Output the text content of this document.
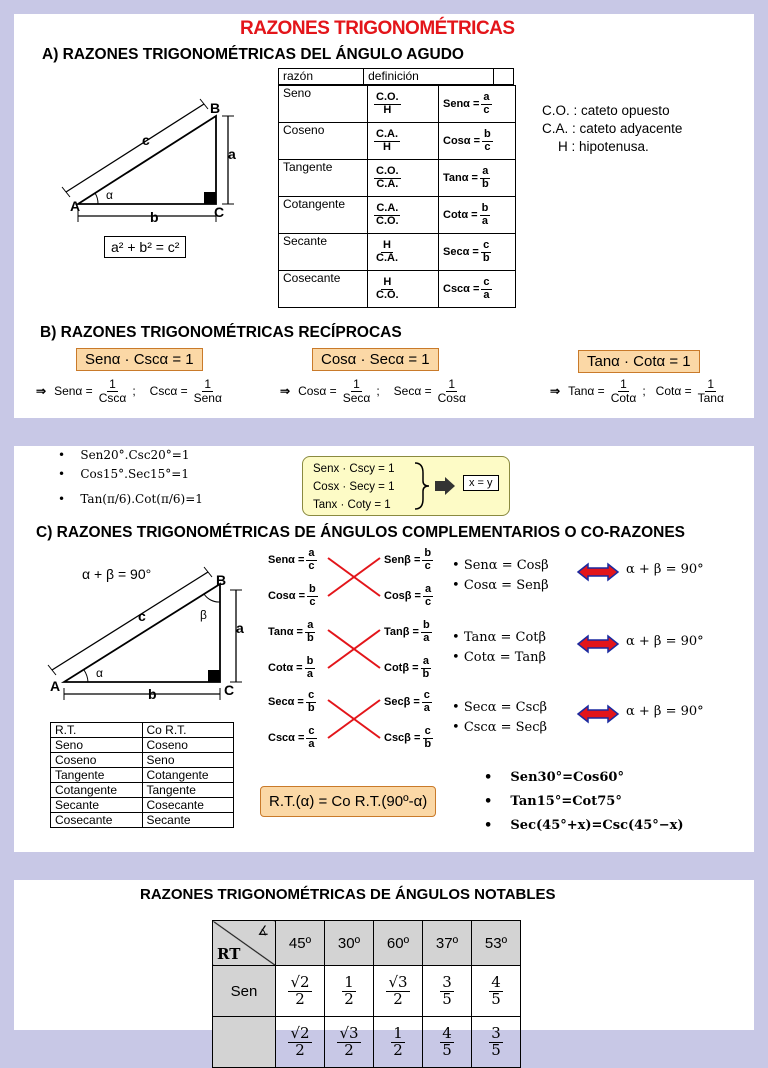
RAZONES TRIGONOMÉTRICAS
A) RAZONES TRIGONOMÉTRICAS DEL ÁNGULO AGUDO
A
B
C
c
a
b
α
a² + b² = c²
razón	definición	
Seno	$\frac{C.O.}{H}$	$Sen\alpha = \frac{a}{c}$

Coseno	$\frac{C.A.}{H}$	$Cos\alpha = \frac{b}{c}$

Tangente	$\frac{C.O.}{C.A.}$	$Tan\alpha = \frac{a}{b}$

Cotangente	$\frac{C.A.}{C.O.}$	$Cot\alpha = \frac{b}{a}$

Secante	$\frac{H}{C.A.}$	$Sec\alpha = \frac{c}{b}$

Cosecante	$\frac{H}{C.O.}$	$Csc\alpha = \frac{c}{a}$
C.O. : cateto opuesto
C.A. : cateto adyacente
H : hipotenusa.
B) RAZONES TRIGONOMÉTRICAS RECÍPROCAS
Senα · Cscα = 1	Cosα · Secα = 1	Tanα · Cotα = 1
⇒ $Sen\alpha = \frac{1}{\text{Cscα}}$ ; $Csc\alpha = \frac{1}{\text{Senα}}$	⇒ $Cos\alpha = \frac{1}{\text{Secα}}$ ; $Sec\alpha = \frac{1}{\text{Cosα}}$	⇒ $Tan\alpha = \frac{1}{\text{Cotα}}$ ; $Cot\alpha = \frac{1}{\text{Tanα}}$
•    Sen20°.Csc20°=1
•    Cos15°.Sec15°=1
•    Tan(π/6).Cot(π/6)=1
Senx · Cscy = 1
Cosx · Secy = 1
Tanx · Coty = 1
x = y
C) RAZONES TRIGONOMÉTRICAS DE ÁNGULOS COMPLEMENTARIOS O CO-RAZONES
α + β = 90°
A
B
C
c
a
b
α
β
$Sen\alpha = \frac{a}{c}$	$Sen\beta = \frac{b}{c}$
$Cos\alpha = \frac{b}{c}$	$Cos\beta = \frac{a}{c}$
• Senα = Cosβ
• Cosα = Senβ
α + β = 90°
$Tan\alpha = \frac{a}{b}$	$Tan\beta = \frac{b}{a}$
$Cot\alpha = \frac{b}{a}$	$Cot\beta = \frac{a}{b}$
• Tanα = Cotβ
• Cotα = Tanβ
α + β = 90°
$Sec\alpha = \frac{c}{b}$	$Sec\beta = \frac{c}{a}$
$Csc\alpha = \frac{c}{a}$	$Csc\beta = \frac{c}{b}$
• Secα = Cscβ
• Cscα = Secβ
α + β = 90°
R.T.	Co R.T.
Seno	Coseno
Coseno	Seno
Tangente	Cotangente
Cotangente	Tangente
Secante	Cosecante
Cosecante	Secante
R.T.(α) = Co R.T.(90º-α)
•    Sen30°=Cos60°
•    Tan15°=Cot75°
•    Sec(45°+x)=Csc(45°−x)
RAZONES TRIGONOMÉTRICAS DE ÁNGULOS NOTABLES
∡
RT	45º	30º	60º	37º	53º
Sen	$\frac{√2}{2}$	$\frac{1}{2}$	$\frac{√3}{2}$	$\frac{3}{5}$	$\frac{4}{5}$

	$\frac{√2}{2}$	$\frac{√3}{2}$	$\frac{1}{2}$	$\frac{4}{5}$	$\frac{3}{5}$
